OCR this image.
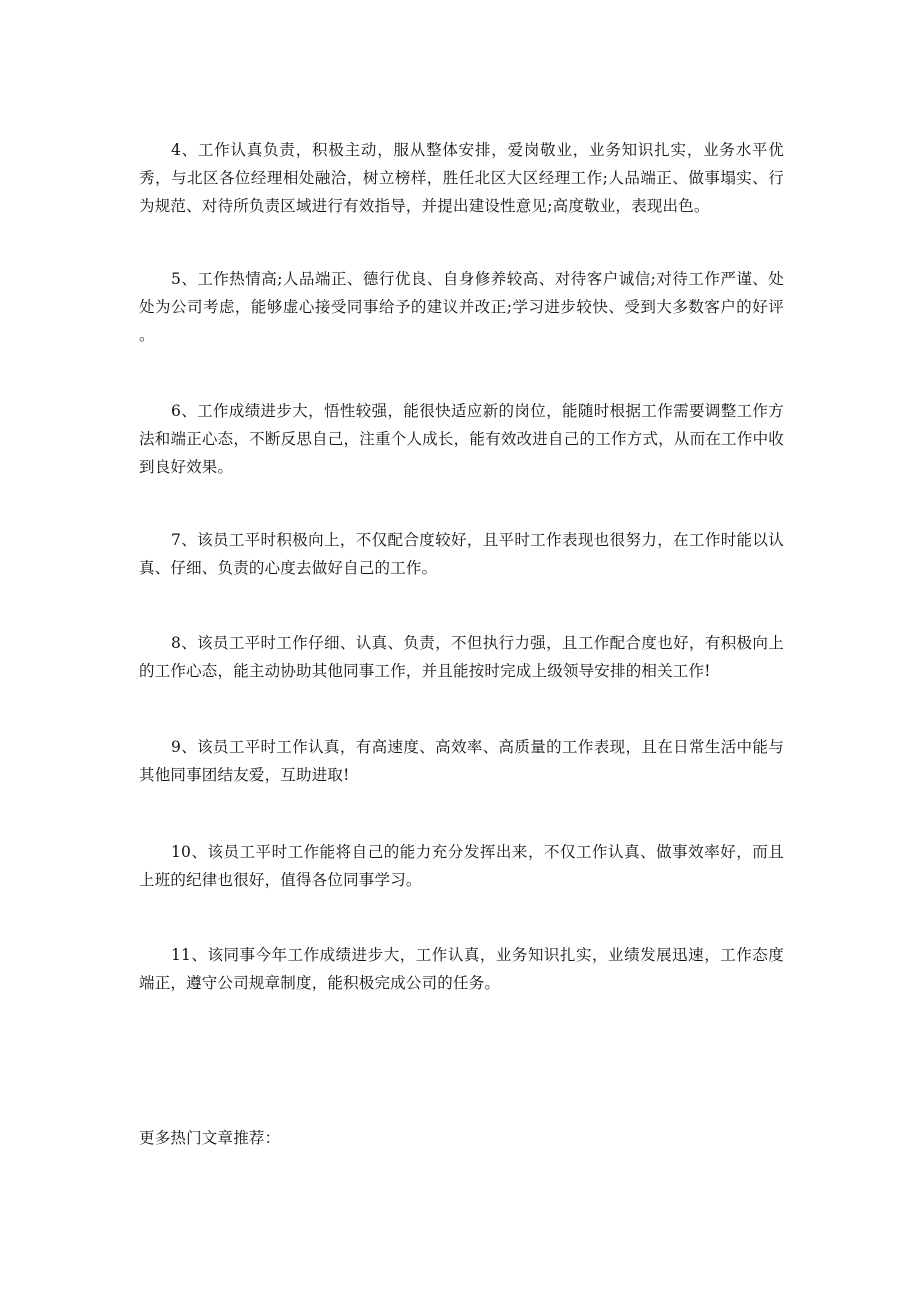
4、工作认真负责，积极主动，服从整体安排，爱岗敬业，业务知识扎实，业务水平优秀，与北区各位经理相处融洽，树立榜样，胜任北区大区经理工作;人品端正、做事塌实、行为规范、对待所负责区域进行有效指导，并提出建设性意见;高度敬业，表现出色。

5、工作热情高;人品端正、德行优良、自身修养较高、对待客户诚信;对待工作严谨、处处为公司考虑，能够虚心接受同事给予的建议并改正;学习进步较快、受到大多数客户的好评 。

6、工作成绩进步大，悟性较强，能很快适应新的岗位，能随时根据工作需要调整工作方法和端正心态，不断反思自己，注重个人成长，能有效改进自己的工作方式，从而在工作中收到良好效果。

7、该员工平时积极向上，不仅配合度较好，且平时工作表现也很努力，在工作时能以认真、仔细、负责的心度去做好自己的工作。

8、该员工平时工作仔细、认真、负责，不但执行力强，且工作配合度也好，有积极向上的工作心态，能主动协助其他同事工作，并且能按时完成上级领导安排的相关工作!

9、该员工平时工作认真，有高速度、高效率、高质量的工作表现，且在日常生活中能与其他同事团结友爱，互助进取!

10、该员工平时工作能将自己的能力充分发挥出来，不仅工作认真、做事效率好，而且上班的纪律也很好，值得各位同事学习。

11、该同事今年工作成绩进步大，工作认真，业务知识扎实，业绩发展迅速，工作态度端正，遵守公司规章制度，能积极完成公司的任务。

更多热门文章推荐：
